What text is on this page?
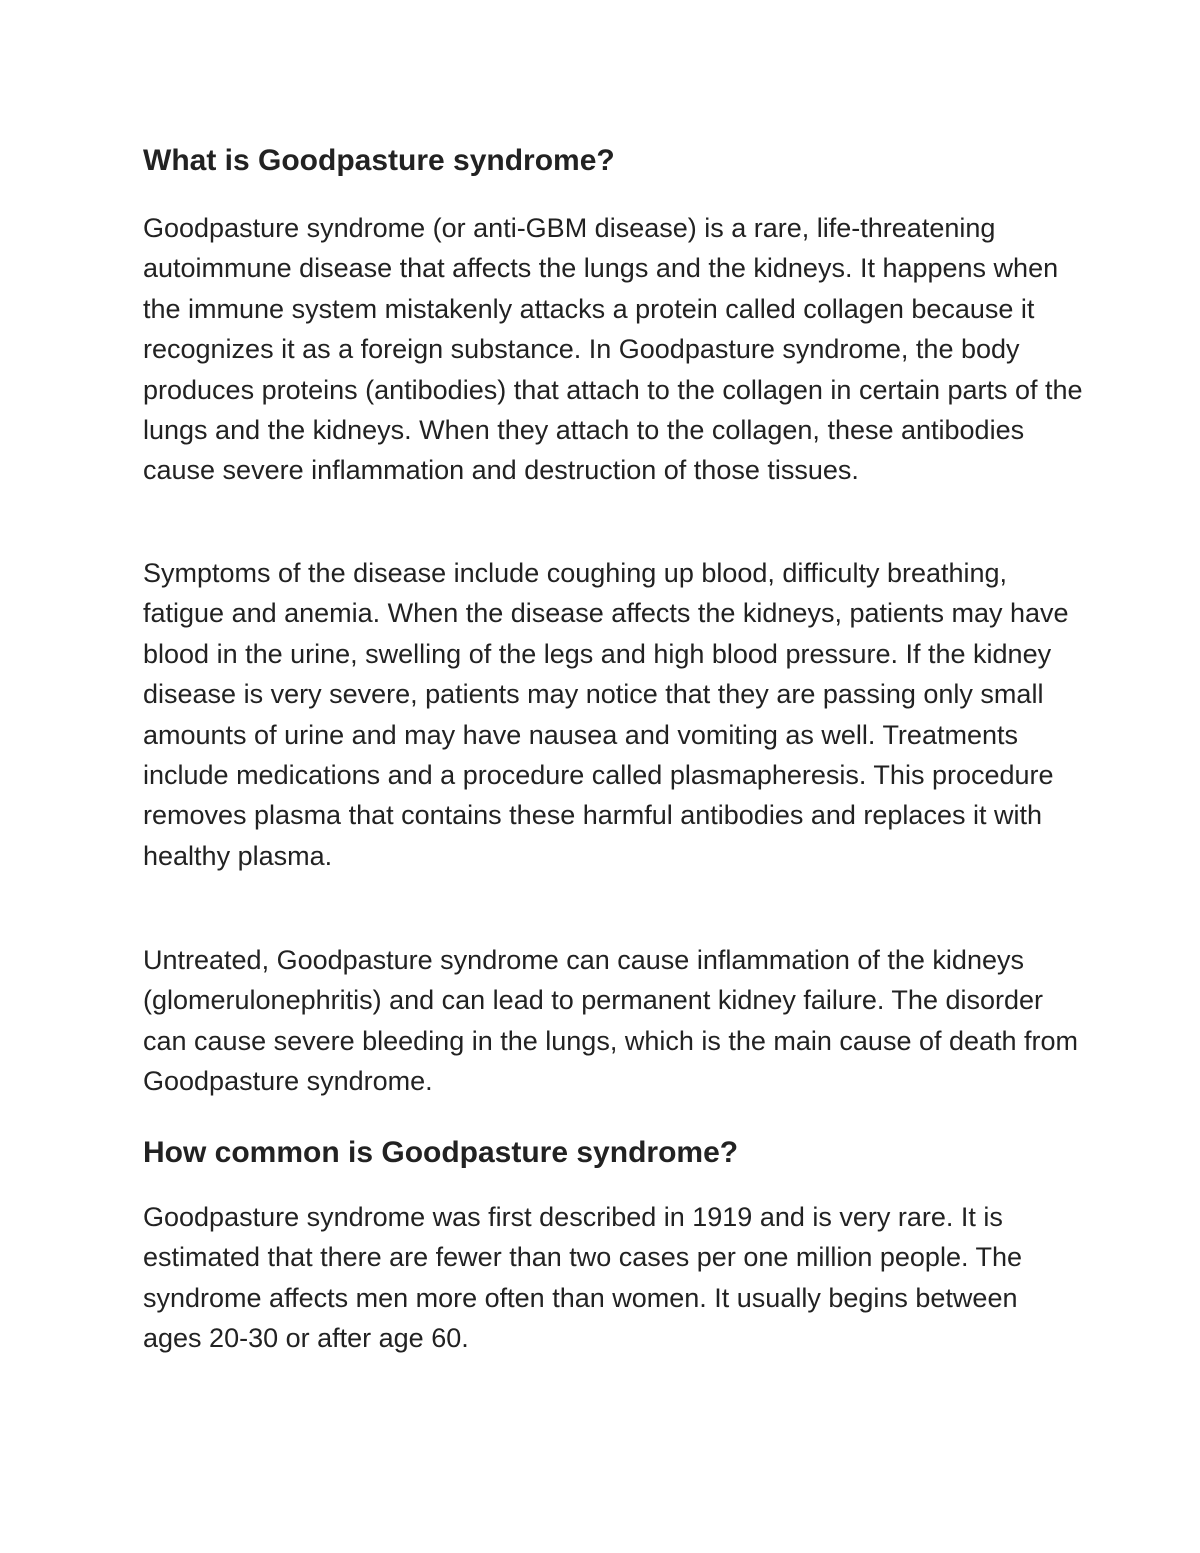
What is Goodpasture syndrome?

Goodpasture syndrome (or anti-GBM disease) is a rare, life-threatening autoimmune disease that affects the lungs and the kidneys. It happens when the immune system mistakenly attacks a protein called collagen because it recognizes it as a foreign substance. In Goodpasture syndrome, the body produces proteins (antibodies) that attach to the collagen in certain parts of the lungs and the kidneys. When they attach to the collagen, these antibodies cause severe inflammation and destruction of those tissues.

Symptoms of the disease include coughing up blood, difficulty breathing, fatigue and anemia. When the disease affects the kidneys, patients may have blood in the urine, swelling of the legs and high blood pressure. If the kidney disease is very severe, patients may notice that they are passing only small amounts of urine and may have nausea and vomiting as well. Treatments include medications and a procedure called plasmapheresis. This procedure removes plasma that contains these harmful antibodies and replaces it with healthy plasma.

Untreated, Goodpasture syndrome can cause inflammation of the kidneys (glomerulonephritis) and can lead to permanent kidney failure. The disorder can cause severe bleeding in the lungs, which is the main cause of death from Goodpasture syndrome.

How common is Goodpasture syndrome?

Goodpasture syndrome was first described in 1919 and is very rare. It is estimated that there are fewer than two cases per one million people. The syndrome affects men more often than women. It usually begins between ages 20-30 or after age 60.
